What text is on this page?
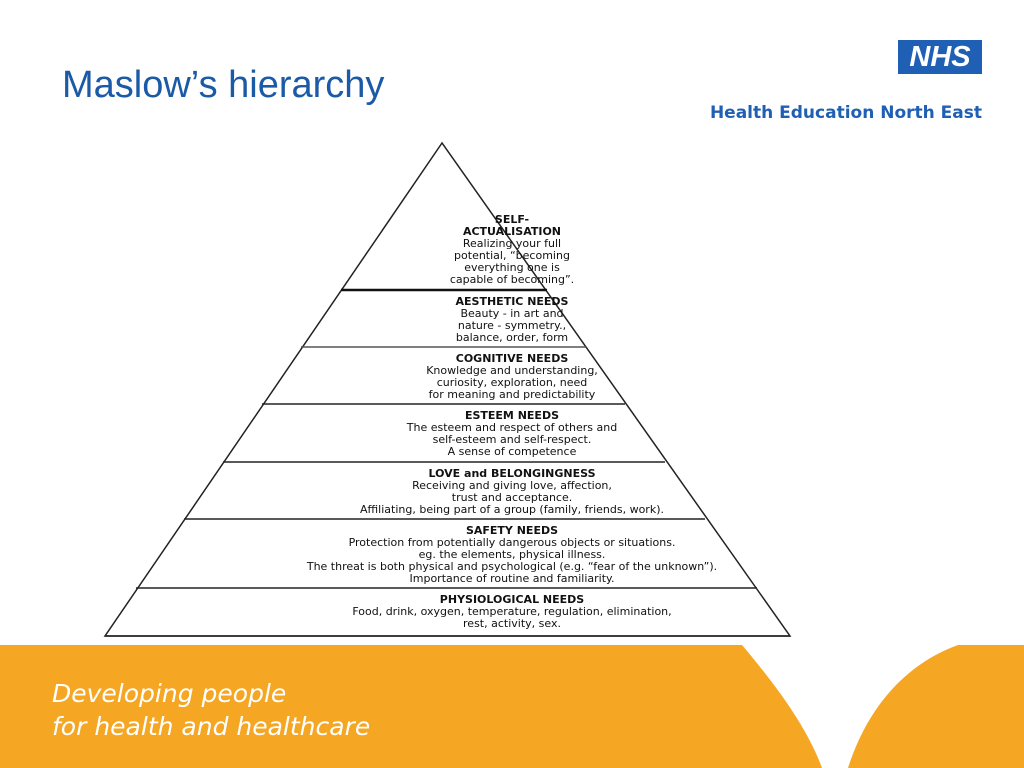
Maslow’s hierarchy
NHS
Health Education North East
SELF-
ACTUALISATION
Realizing your full
potential, “becoming
everything one is
capable of becoming”.
AESTHETIC NEEDS
Beauty - in art and
nature - symmetry.,
balance, order, form
COGNITIVE NEEDS
Knowledge and understanding,
curiosity, exploration, need
for meaning and predictability
ESTEEM NEEDS
The esteem and respect of others and
self-esteem and self-respect.
A sense of competence
LOVE and BELONGINGNESS
Receiving and giving love, affection,
trust and acceptance.
Affiliating, being part of a group (family, friends, work).
SAFETY NEEDS
Protection from potentially dangerous objects or situations.
eg. the elements, physical illness.
The threat is both physical and psychological (e.g. “fear of the unknown”).
Importance of routine and familiarity.
PHYSIOLOGICAL NEEDS
Food, drink, oxygen, temperature, regulation, elimination,
rest, activity, sex.
Developing people
for health and healthcare
